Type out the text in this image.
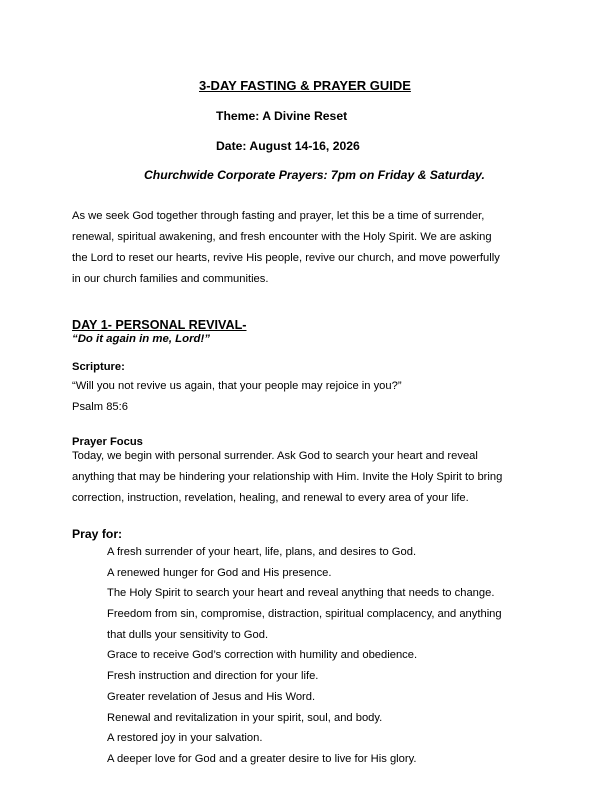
3-DAY FASTING & PRAYER GUIDE
Theme: A Divine Reset
Date: August 14-16, 2026
Churchwide Corporate Prayers: 7pm on Friday & Saturday.
As we seek God together through fasting and prayer, let this be a time of surrender,
renewal, spiritual awakening, and fresh encounter with the Holy Spirit. We are asking
the Lord to reset our hearts, revive His people, revive our church, and move powerfully
in our church families and communities.
DAY 1- PERSONAL REVIVAL-
“Do it again in me, Lord!”
Scripture:
“Will you not revive us again, that your people may rejoice in you?”
Psalm 85:6
Prayer Focus
Today, we begin with personal surrender. Ask God to search your heart and reveal
anything that may be hindering your relationship with Him. Invite the Holy Spirit to bring
correction, instruction, revelation, healing, and renewal to every area of your life.
Pray for:
A fresh surrender of your heart, life, plans, and desires to God.
A renewed hunger for God and His presence.
The Holy Spirit to search your heart and reveal anything that needs to change.
Freedom from sin, compromise, distraction, spiritual complacency, and anything
that dulls your sensitivity to God.
Grace to receive God’s correction with humility and obedience.
Fresh instruction and direction for your life.
Greater revelation of Jesus and His Word.
Renewal and revitalization in your spirit, soul, and body.
A restored joy in your salvation.
A deeper love for God and a greater desire to live for His glory.
